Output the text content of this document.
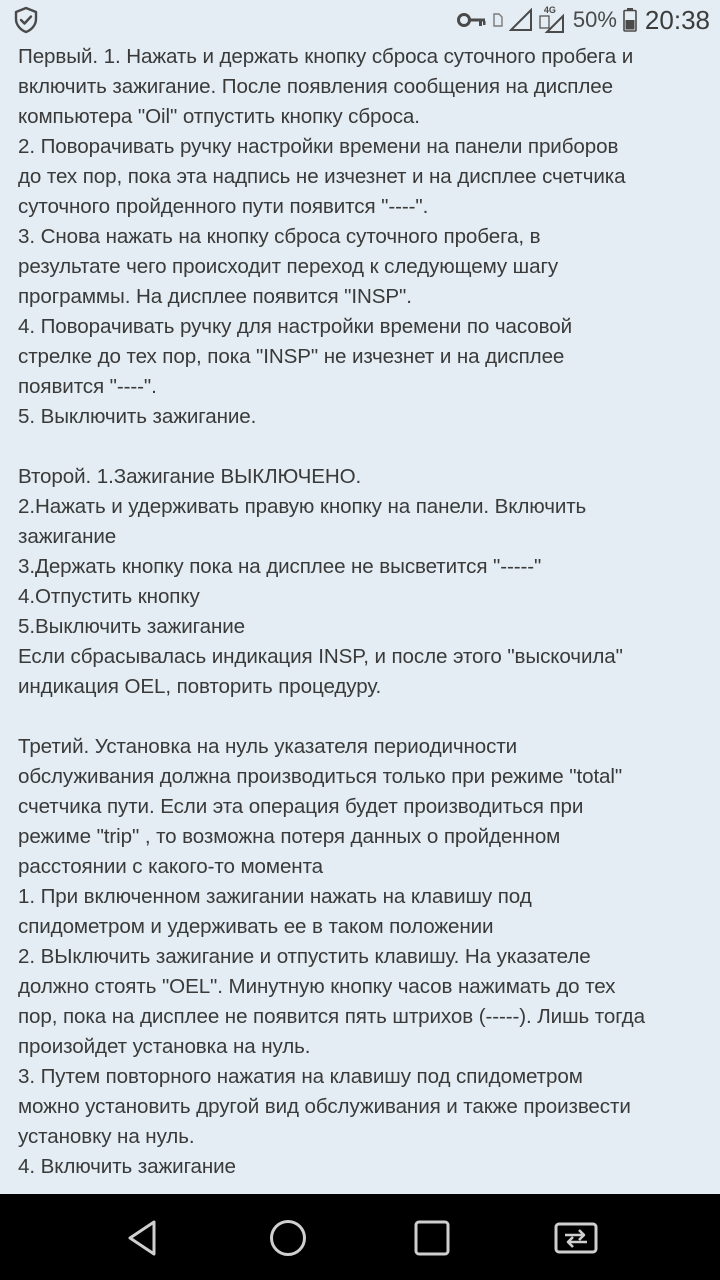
4G 50% 20:38
Первый. 1. Нажать и держать кнопку сброса суточного пробега и
включить зажигание. После появления сообщения на дисплее
компьютера "Oil" отпустить кнопку сброса.
2. Поворачивать ручку настройки времени на панели приборов
до тех пор, пока эта надпись не изчезнет и на дисплее счетчика
суточного пройденного пути появится "----".
3. Снова нажать на кнопку сброса суточного пробега, в
результате чего происходит переход к следующему шагу
программы. На дисплее появится "INSP".
4. Поворачивать ручку для настройки времени по часовой
стрелке до тех пор, пока "INSP" не изчезнет и на дисплее
появится "----".
5. Выключить зажигание.
Второй. 1.Зажигание ВЫКЛЮЧЕНО.
2.Нажать и удерживать правую кнопку на панели. Включить
зажигание
3.Держать кнопку пока на дисплее не высветится "-----"
4.Отпустить кнопку
5.Выключить зажигание
Если сбрасывалась индикация INSP, и после этого "выскочила"
индикация OEL, повторить процедуру.
Третий. Установка на нуль указателя периодичности
обслуживания должна производиться только при режиме "total"
счетчика пути. Если эта операция будет производиться при
режиме "trip" , то возможна потеря данных о пройденном
расстоянии с какого-то момента
1. При включенном зажигании нажать на клавишу под
спидометром и удерживать ее в таком положении
2. ВЫключить зажигание и отпустить клавишу. На указателе
должно стоять "OEL". Минутную кнопку часов нажимать до тех
пор, пока на дисплее не появится пять штрихов (-----). Лишь тогда
произойдет установка на нуль.
3. Путем повторного нажатия на клавишу под спидометром
можно установить другой вид обслуживания и также произвести
установку на нуль.
4. Включить зажигание
